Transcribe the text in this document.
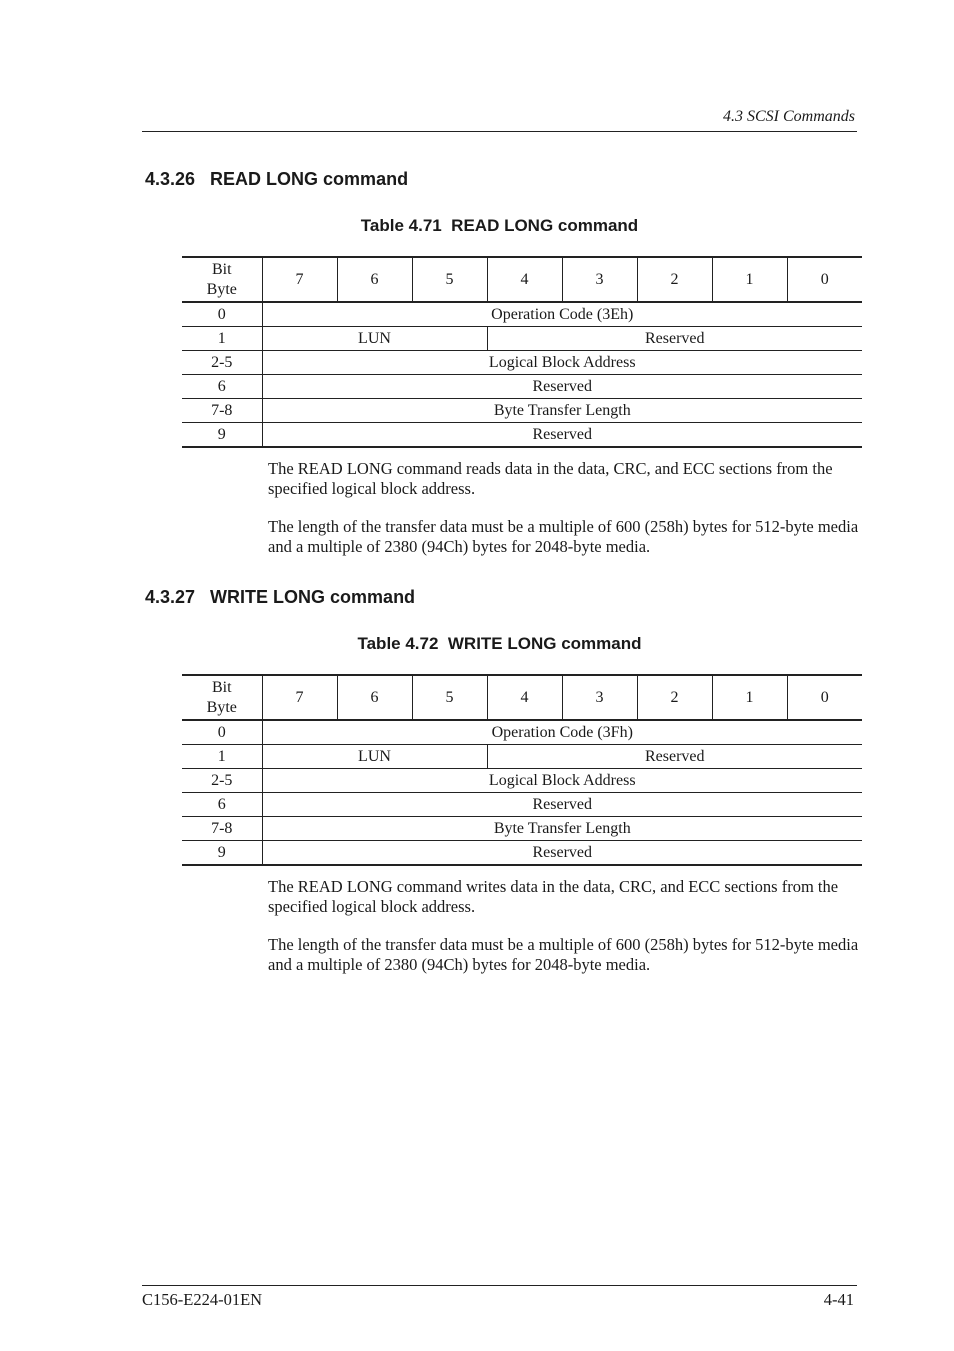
4.3 SCSI Commands
4.3.26   READ LONG command
Table 4.71  READ LONG command
Bit
Byte	7	6	5	4	3	2	1	0
0	Operation Code (3Eh)							
1	LUN			Reserved				
2-5	Logical Block Address							
6	Reserved							
7-8	Byte Transfer Length							
9	Reserved							
The READ LONG command reads data in the data, CRC, and ECC sections from the specified logical block address.
The length of the transfer data must be a multiple of 600 (258h) bytes for 512-byte media and a multiple of 2380 (94Ch) bytes for 2048-byte media.
4.3.27   WRITE LONG command
Table 4.72  WRITE LONG command
Bit
Byte	7	6	5	4	3	2	1	0
0	Operation Code (3Fh)							
1	LUN			Reserved				
2-5	Logical Block Address							
6	Reserved							
7-8	Byte Transfer Length							
9	Reserved							
The READ LONG command writes data in the data, CRC, and ECC sections from the specified logical block address.
The length of the transfer data must be a multiple of 600 (258h) bytes for 512-byte media and a multiple of 2380 (94Ch) bytes for 2048-byte media.
C156-E224-01EN	4-41
